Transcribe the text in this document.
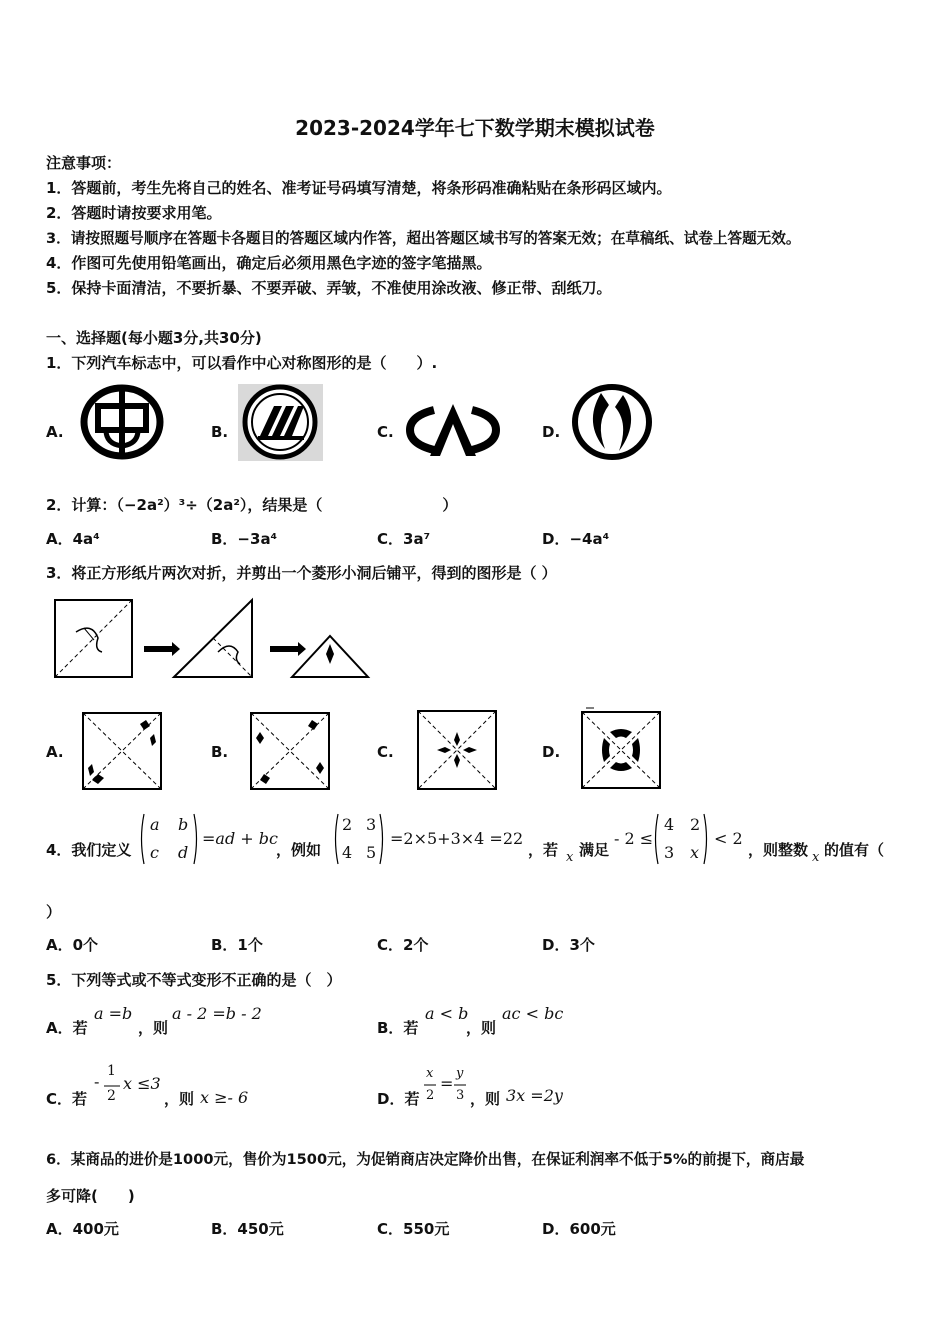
2023-2024学年七下数学期末模拟试卷
注意事项：
1．答题前，考生先将自己的姓名、准考证号码填写清楚，将条形码准确粘贴在条形码区域内。
2．答题时请按要求用笔。
3．请按照题号顺序在答题卡各题目的答题区域内作答，超出答题区域书写的答案无效；在草稿纸、试卷上答题无效。
4．作图可先使用铅笔画出，确定后必须用黑色字迹的签字笔描黑。
5．保持卡面清洁，不要折暴、不要弄破、弄皱，不准使用涂改液、修正带、刮纸刀。
一、选择题(每小题3分,共30分)
1．下列汽车标志中，可以看作中心对称图形的是（　　）.
A.	B.	C.	D.
2．计算：（−2a²）³÷（2a²），结果是（　　　　　　　　）
A．4a⁴	B．−3a⁴	C．3a⁷	D．−4a⁴
3．将正方形纸片两次对折，并剪出一个菱形小洞后铺平，得到的图形是（ ）
A.	B.	C.	D.
4．我们定义
a b
c d
=ad + bc
，例如
2 3
4 5
=2×5+3×4 =22
，若 x 满足
- 2 ≤
4 2
3 x
< 2
，则整数 x 的值有（
）
A．0个	B．1个	C．2个	D．3个
5．下列等式或不等式变形不正确的是（　）
A．若
a =b
，则
a - 2 =b - 2
B．若
a < b
，则
ac < bc
C．若
-
1
2
x ≤3
，则 x ≥- 6	D．若
x
2
=
y
3 ，则 3x =2y
6．某商品的进价是1000元，售价为1500元，为促销商店决定降价出售，在保证利润率不低于5%的前提下，商店最
多可降(　　)
A．400元	B．450元	C．550元	D．600元
